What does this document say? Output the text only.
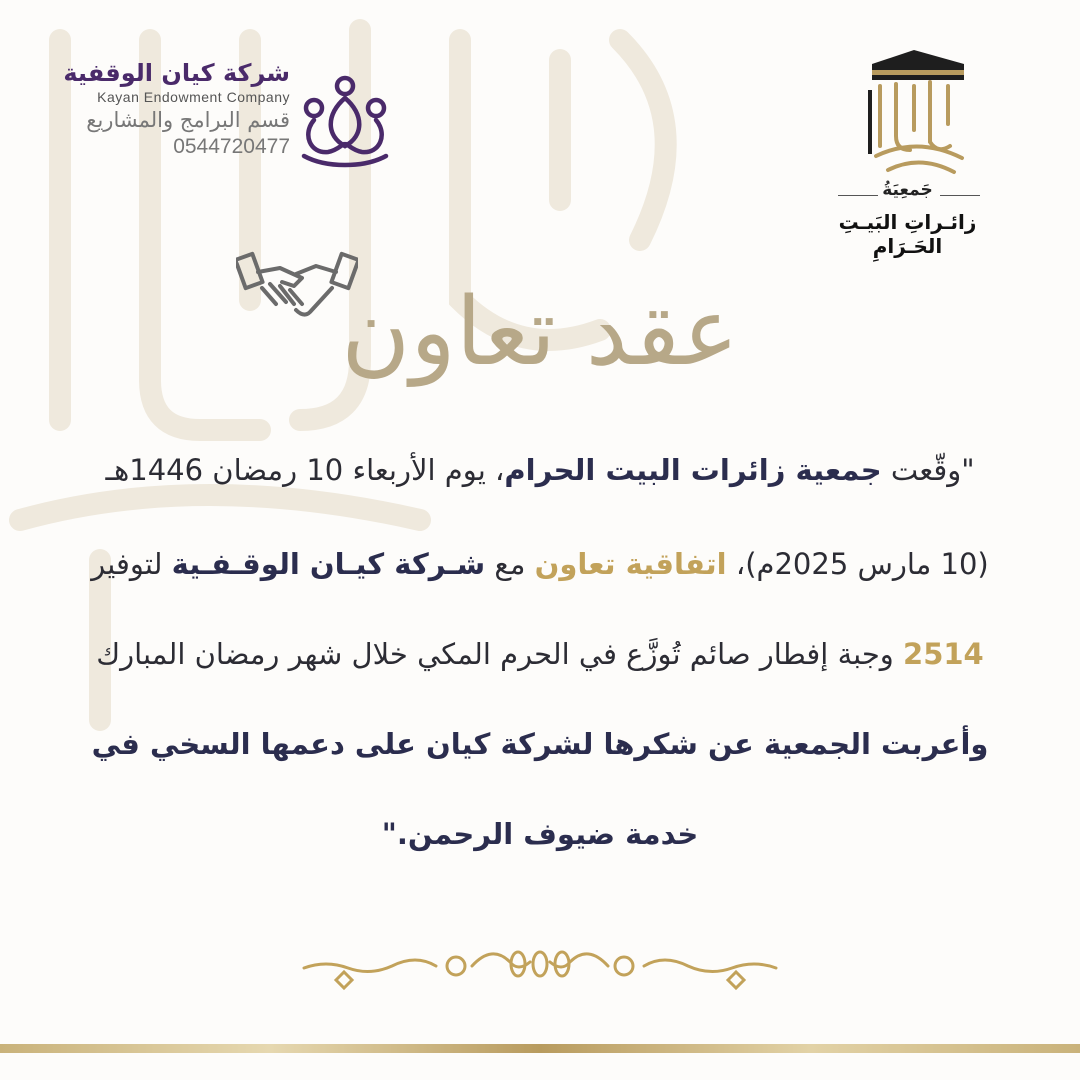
شركة كيان الوقفية
Kayan Endowment Company
قسم البرامج والمشاريع
0544720477
جَمعِيَةُ
زائـراتِ البَيـتِ الحَـرَامِ
عقد تعاون
"وقّعت جمعية زائرات البيت الحرام، يوم الأربعاء 10 رمضان 1446هـ
(10 مارس 2025م)، اتفاقية تعاون مع شـركة كيـان الوقـفـية لتوفير
2514 وجبة إفطار صائم تُوزَّع في الحرم المكي خلال شهر رمضان المبارك
وأعربت الجمعية عن شكرها لشركة كيان على دعمها السخي في
خدمة ضيوف الرحمن."
